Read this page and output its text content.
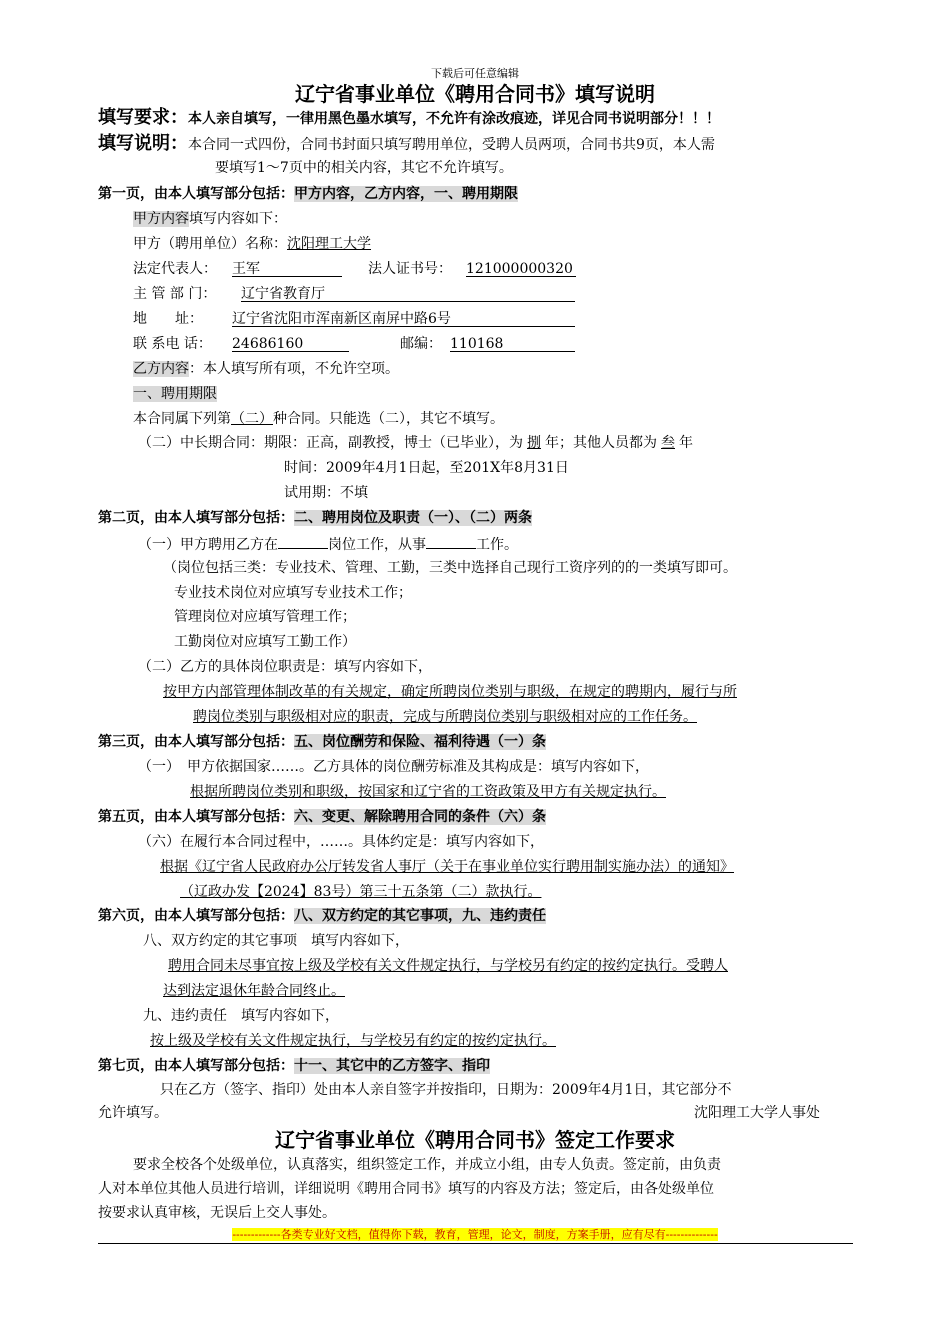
下载后可任意编辑
辽宁省事业单位《聘用合同书》填写说明
填写要求：本人亲自填写，一律用黑色墨水填写，不允许有涂改痕迹，详见合同书说明部分！！！
填写说明：本合同一式四份，合同书封面只填写聘用单位，受聘人员两项，合同书共9页，本人需
要填写1～7页中的相关内容，其它不允许填写。
第一页，由本人填写部分包括：甲方内容，乙方内容，一、聘用期限
甲方内容填写内容如下：
甲方（聘用单位）名称：沈阳理工大学
法定代表人： 王军	法人证书号： 121000000320
主 管 部 门： 辽宁省教育厅
地　　址： 辽宁省沈阳市浑南新区南屏中路6号
联 系电 话： 24686160	邮编： 110168
乙方内容：本人填写所有项，不允许空项。
一、聘用期限
本合同属下列第（二）种合同。只能选（二），其它不填写。
（二）中长期合同：期限：正高，副教授，博士（已毕业），为 捌 年；其他人员都为 叁 年
时间：2009年4月1日起，至201X年8月31日
试用期：不填
第二页，由本人填写部分包括：二、聘用岗位及职责（一）、（二）两条
（一）甲方聘用乙方在	岗位工作，从事	工作。
（岗位包括三类：专业技术、管理、工勤，三类中选择自己现行工资序列的的一类填写即可。
专业技术岗位对应填写专业技术工作；
管理岗位对应填写管理工作；
工勤岗位对应填写工勤工作）
（二）乙方的具体岗位职责是：填写内容如下，
按甲方内部管理体制改革的有关规定，确定所聘岗位类别与职级，在规定的聘期内，履行与所
聘岗位类别与职级相对应的职责，完成与所聘岗位类别与职级相对应的工作任务。
第三页，由本人填写部分包括：五、岗位酬劳和保险、福利待遇（一）条
（一）　甲方依据国家……。乙方具体的岗位酬劳标准及其构成是：填写内容如下，
根据所聘岗位类别和职级，按国家和辽宁省的工资政策及甲方有关规定执行。
第五页，由本人填写部分包括：六、变更、解除聘用合同的条件（六）条
（六）在履行本合同过程中，……。具体约定是：填写内容如下，
根据《辽宁省人民政府办公厅转发省人事厅（关于在事业单位实行聘用制实施办法）的通知》
（辽政办发【2024】83号）第三十五条第（二）款执行。
第六页，由本人填写部分包括：八、双方约定的其它事项，九、违约责任
八、双方约定的其它事项　填写内容如下，
聘用合同未尽事宜按上级及学校有关文件规定执行，与学校另有约定的按约定执行。受聘人
达到法定退休年龄合同终止。
九、违约责任　填写内容如下，
按上级及学校有关文件规定执行，与学校另有约定的按约定执行。
第七页，由本人填写部分包括：十一、其它中的乙方签字、指印
只在乙方（签字、指印）处由本人亲自签字并按指印，日期为：2009年4月1日，其它部分不
允许填写。	沈阳理工大学人事处
辽宁省事业单位《聘用合同书》签定工作要求
要求全校各个处级单位，认真落实，组织签定工作，并成立小组，由专人负责。签定前，由负责
人对本单位其他人员进行培训，详细说明《聘用合同书》填写的内容及方法；签定后，由各处级单位
按要求认真审核，无误后上交人事处。
-------------各类专业好文档，值得你下载，教育，管理，论文，制度，方案手册，应有尽有--------------
